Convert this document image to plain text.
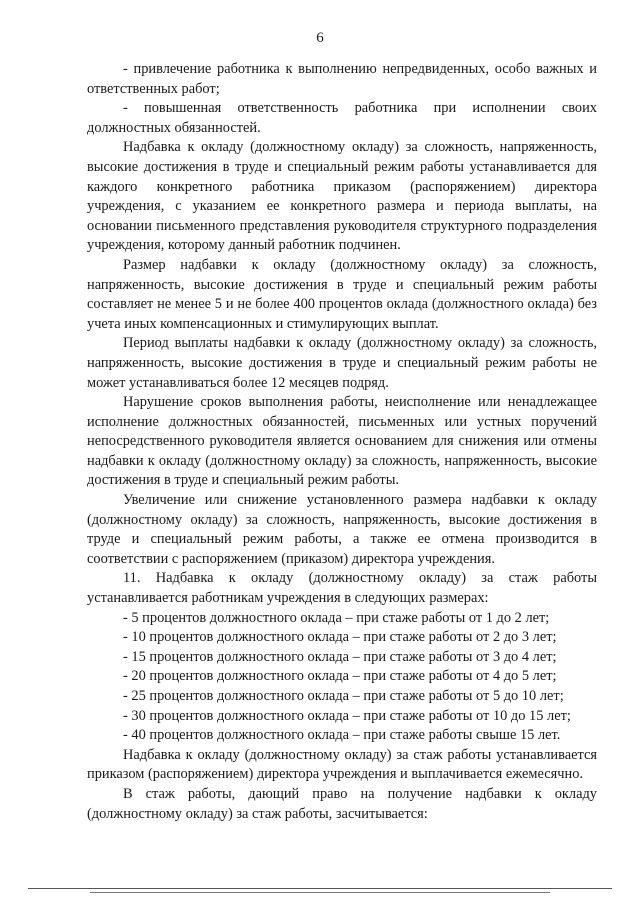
6

- привлечение работника к выполнению непредвиденных, особо важных и ответственных работ;

- повышенная ответственность работника при исполнении своих должностных обязанностей.

Надбавка к окладу (должностному окладу) за сложность, напряженность, высокие достижения в труде и специальный режим работы устанавливается для каждого конкретного работника приказом (распоряжением) директора учреждения, с указанием ее конкретного размера и периода выплаты, на основании письменного представления руководителя структурного подразделения учреждения, которому данный работник подчинен.

Размер надбавки к окладу (должностному окладу) за сложность, напряженность, высокие достижения в труде и специальный режим работы составляет не менее 5 и не более 400 процентов оклада (должностного оклада) без учета иных компенсационных и стимулирующих выплат.

Период выплаты надбавки к окладу (должностному окладу) за сложность, напряженность, высокие достижения в труде и специальный режим работы не может устанавливаться более 12 месяцев подряд.

Нарушение сроков выполнения работы, неисполнение или ненадлежащее исполнение должностных обязанностей, письменных или устных поручений непосредственного руководителя является основанием для снижения или отмены надбавки к окладу (должностному окладу) за сложность, напряженность, высокие достижения в труде и специальный режим работы.

Увеличение или снижение установленного размера надбавки к окладу (должностному окладу) за сложность, напряженность, высокие достижения в труде и специальный режим работы, а также ее отмена производится в соответствии с распоряжением (приказом) директора учреждения.

11. Надбавка к окладу (должностному окладу) за стаж работы устанавливается работникам учреждения в следующих размерах:

- 5 процентов должностного оклада – при стаже работы от 1 до 2 лет;

- 10 процентов должностного оклада – при стаже работы от 2 до 3 лет;

- 15 процентов должностного оклада – при стаже работы от 3 до 4 лет;

- 20 процентов должностного оклада – при стаже работы от 4 до 5 лет;

- 25 процентов должностного оклада – при стаже работы от 5 до 10 лет;

- 30 процентов должностного оклада – при стаже работы от 10 до 15 лет;

- 40 процентов должностного оклада – при стаже работы свыше 15 лет.

Надбавка к окладу (должностному окладу) за стаж работы устанавливается приказом (распоряжением) директора учреждения и выплачивается ежемесячно.

В стаж работы, дающий право на получение надбавки к окладу (должностному окладу) за стаж работы, засчитывается:
